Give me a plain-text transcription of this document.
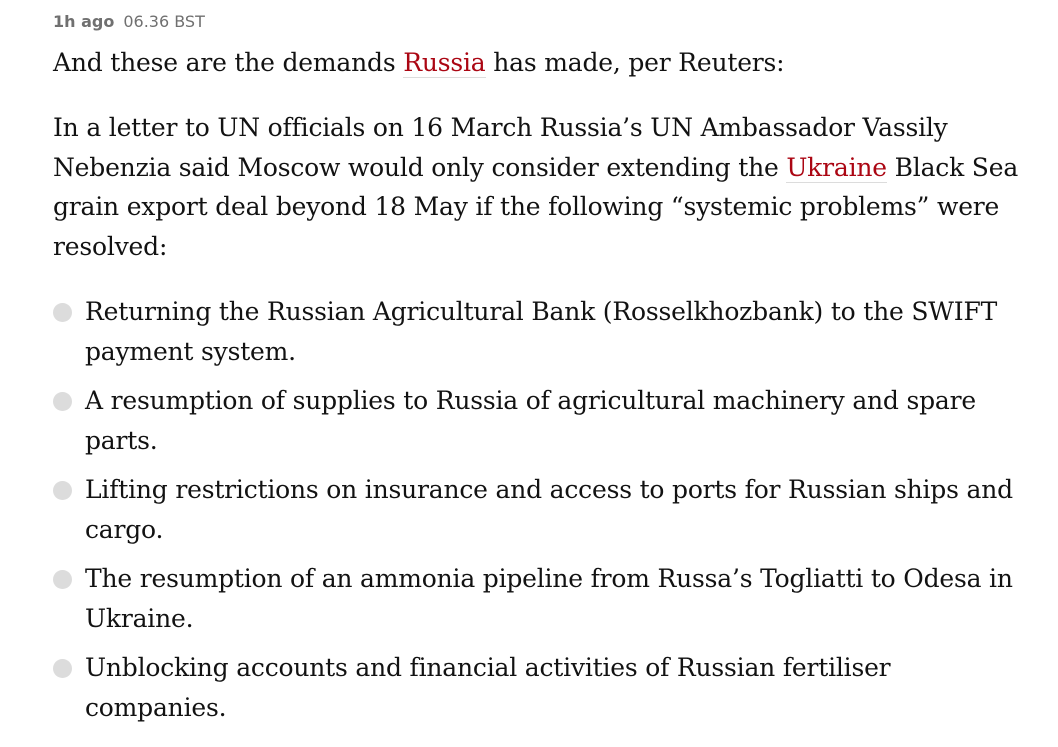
1h ago 06.36 BST

And these are the demands Russia has made, per Reuters:

In a letter to UN officials on 16 March Russia’s UN Ambassador Vassily Nebenzia said Moscow would only consider extending the Ukraine Black Sea grain export deal beyond 18 May if the following “systemic problems” were resolved:

Returning the Russian Agricultural Bank (Rosselkhozbank) to the SWIFT payment system.
A resumption of supplies to Russia of agricultural machinery and spare parts.
Lifting restrictions on insurance and access to ports for Russian ships and cargo.
The resumption of an ammonia pipeline from Russa’s Togliatti to Odesa in Ukraine.
Unblocking accounts and financial activities of Russian fertiliser companies.
